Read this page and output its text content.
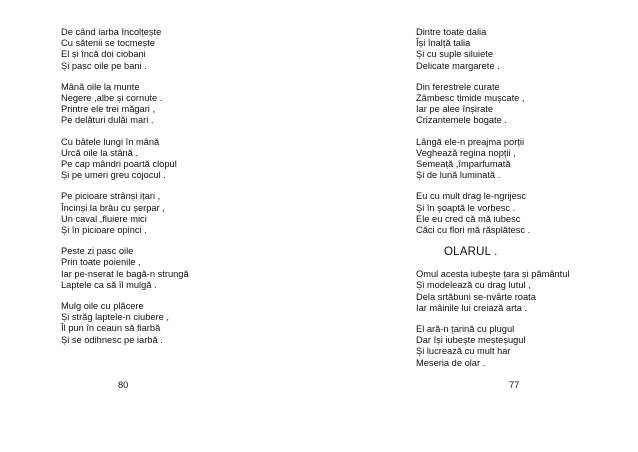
De când iarba încolțește
Cu sătenii se tocmește
El și încă doi ciobani
Și pasc oile pe bani .
Mână oile la munte
Negere ,albe și cornute .
Printre ele trei măgari ,
Pe delături dulăi mari .
Cu bâtele lungi în mână
Urcă oile la stână .
Pe cap mândri poartă clopul
Și pe umeri greu cojocul .
Pe picioare strânși ițari ,
Încinși la brâu cu șerpar ,
Un caval ,fluiere mici
Și în picioare opinci .
Peste zi pasc oile
Prin toate poienile ,
Iar pe-nserat le bagă-n strungă
Laptele ca să îl mulgă .
Mulg oile cu plăcere
Și străg laptele-n ciubere ,
Îl pun în ceaun să fiarbă
Și se odihnesc pe iarbă .
80
Dintre toate dalia
Își înalță talia
Și cu suple siluiete
Delicate margarete .
Din ferestrele curate
Zâmbesc timide mușcate ,
Iar pe alee înșirate
Crizantemele bogate .
Lângă ele-n preajma porții
Veghează regina nopții ,
Semeață ,împarfumată
Și de lună luminată .
Eu cu mult drag le-ngrijesc
Și în șoaptă le vorbesc .
Ele eu cred că mă iubesc
Căci cu flori mă răsplătesc .
OLARUL .
Omul acesta iubește țara și pământul
Și modelează cu drag lutul ,
Dela srtăbuni se-nvârte roata
Iar mâinile lui creiază arta .
El ară-n țarină cu plugul
Dar își iubește meșteșugul
Și lucrează cu mult har
Meseria de olar .
77
